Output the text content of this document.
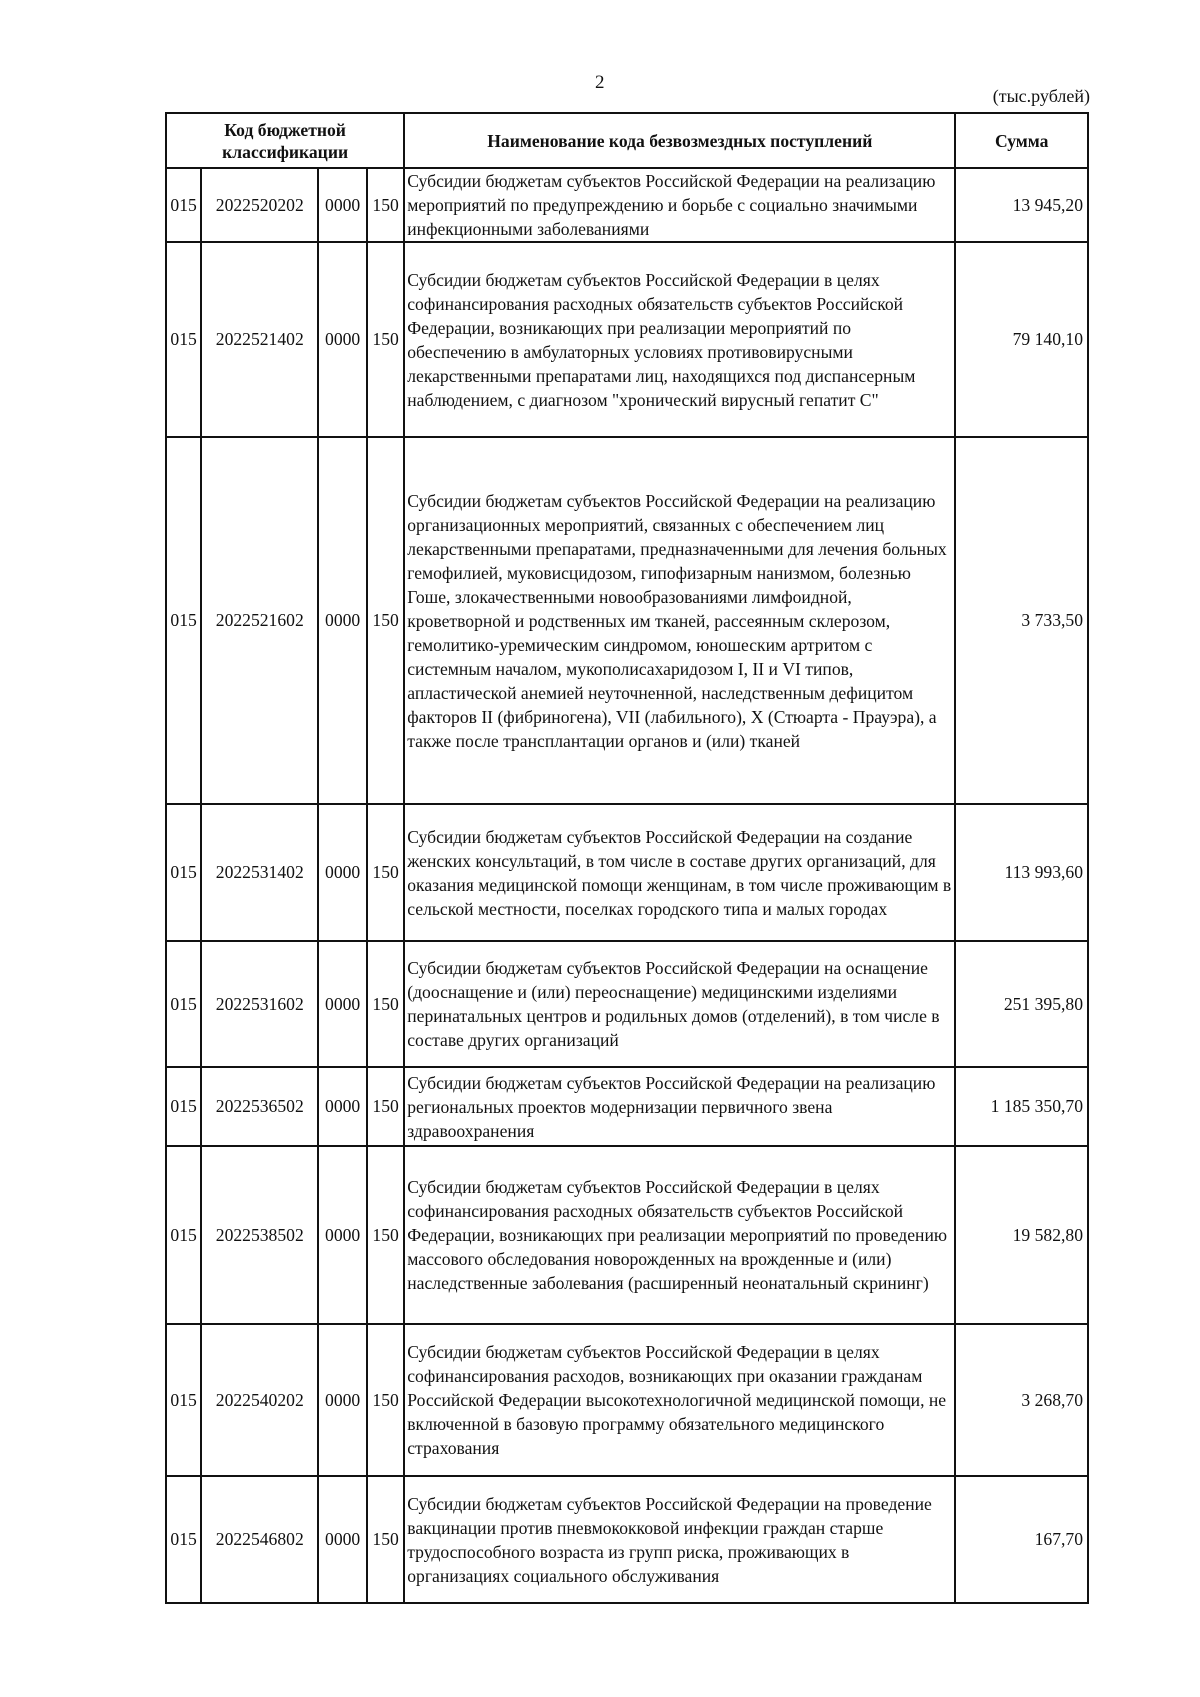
2
(тыс.рублей)
Код бюджетной классификации				Наименование кода безвозмездных поступлений	Сумма
015	2022520202	0000	150	Субсидии бюджетам субъектов Российской Федерации на реализацию мероприятий по предупреждению и борьбе с социально значимыми инфекционными заболеваниями	13 945,20
015	2022521402	0000	150	Субсидии бюджетам субъектов Российской Федерации в целях софинансирования расходных обязательств субъектов Российской Федерации, возникающих при реализации мероприятий по обеспечению в амбулаторных условиях противовирусными лекарственными препаратами лиц, находящихся под диспансерным наблюдением, с диагнозом "хронический вирусный гепатит С"	79 140,10
015	2022521602	0000	150	Субсидии бюджетам субъектов Российской Федерации на реализацию организационных мероприятий, связанных с обеспечением лиц лекарственными препаратами, предназначенными для лечения больных гемофилией, муковисцидозом, гипофизарным нанизмом, болезнью Гоше, злокачественными новообразованиями лимфоидной, кроветворной и родственных им тканей, рассеянным склерозом, гемолитико-уремическим синдромом, юношеским артритом с системным началом, мукополисахаридозом I, II и VI типов, апластической анемией неуточненной, наследственным дефицитом факторов II (фибриногена), VII (лабильного), X (Стюарта - Прауэра), а также после трансплантации органов и (или) тканей	3 733,50
015	2022531402	0000	150	Субсидии бюджетам субъектов Российской Федерации на создание женских консультаций, в том числе в составе других организаций, для оказания медицинской помощи женщинам, в том числе проживающим в сельской местности, поселках городского типа и малых городах	113 993,60
015	2022531602	0000	150	Субсидии бюджетам субъектов Российской Федерации на оснащение (дооснащение и (или) переоснащение) медицинскими изделиями перинатальных центров и родильных домов (отделений), в том числе в составе других организаций	251 395,80
015	2022536502	0000	150	Субсидии бюджетам субъектов Российской Федерации на реализацию региональных проектов модернизации первичного звена здравоохранения	1 185 350,70
015	2022538502	0000	150	Субсидии бюджетам субъектов Российской Федерации в целях софинансирования расходных обязательств субъектов Российской Федерации, возникающих при реализации мероприятий по проведению массового обследования новорожденных на врожденные и (или) наследственные заболевания (расширенный неонатальный скрининг)	19 582,80
015	2022540202	0000	150	Субсидии бюджетам субъектов Российской Федерации в целях софинансирования расходов, возникающих при оказании гражданам Российской Федерации высокотехнологичной медицинской помощи, не включенной в базовую программу обязательного медицинского страхования	3 268,70
015	2022546802	0000	150	Субсидии бюджетам субъектов Российской Федерации на проведение вакцинации против пневмококковой инфекции граждан старше трудоспособного возраста из групп риска, проживающих в организациях социального обслуживания	167,70
